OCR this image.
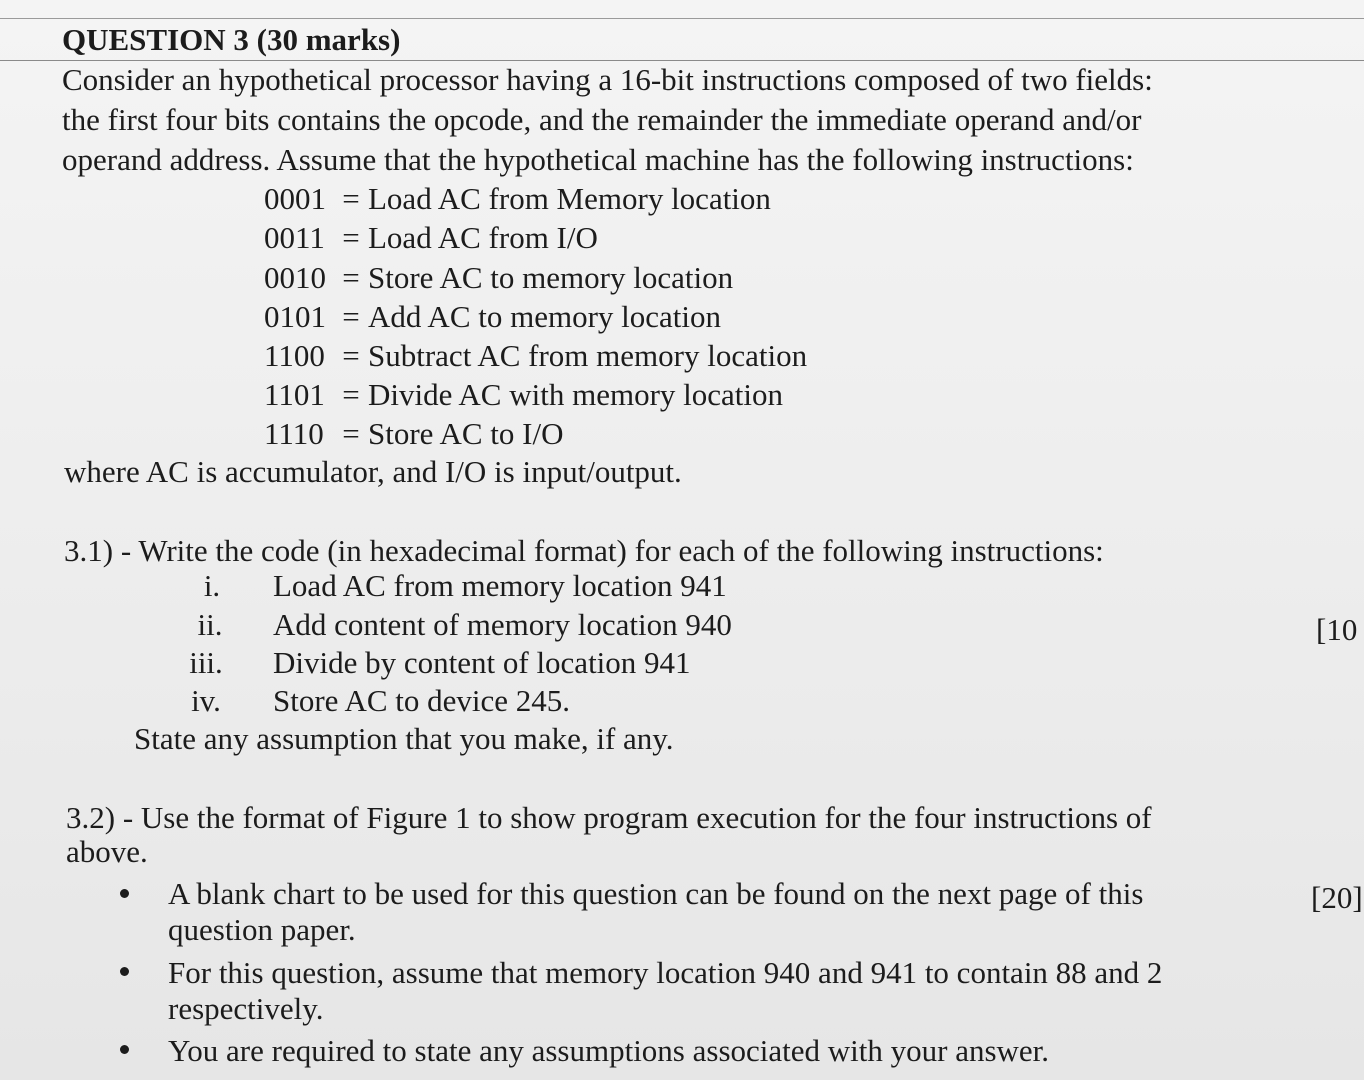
QUESTION 3 (30 marks)
Consider an hypothetical processor having a 16-bit instructions composed of two fields:
the first four bits contains the opcode, and the remainder the immediate operand and/or
operand address. Assume that the hypothetical machine has the following instructions:
0001 = Load AC from Memory location
0011 = Load AC from I/O
0010 = Store AC to memory location
0101 = Add AC to memory location
1100 = Subtract AC from memory location
1101 = Divide AC with memory location
1110 = Store AC to I/O
where AC is accumulator, and I/O is input/output.
3.1) - Write the code (in hexadecimal format) for each of the following instructions:
i.	Load AC from memory location 941
ii.	Add content of memory location 940
iii.	Divide by content of location 941
iv.	Store AC to device 245.
[10
State any assumption that you make, if any.
3.2) - Use the format of Figure 1 to show program execution for the four instructions of
above.
A blank chart to be used for this question can be found on the next page of this
question paper.
For this question, assume that memory location 940 and 941 to contain 88 and 2
respectively.
You are required to state any assumptions associated with your answer.
[20]
